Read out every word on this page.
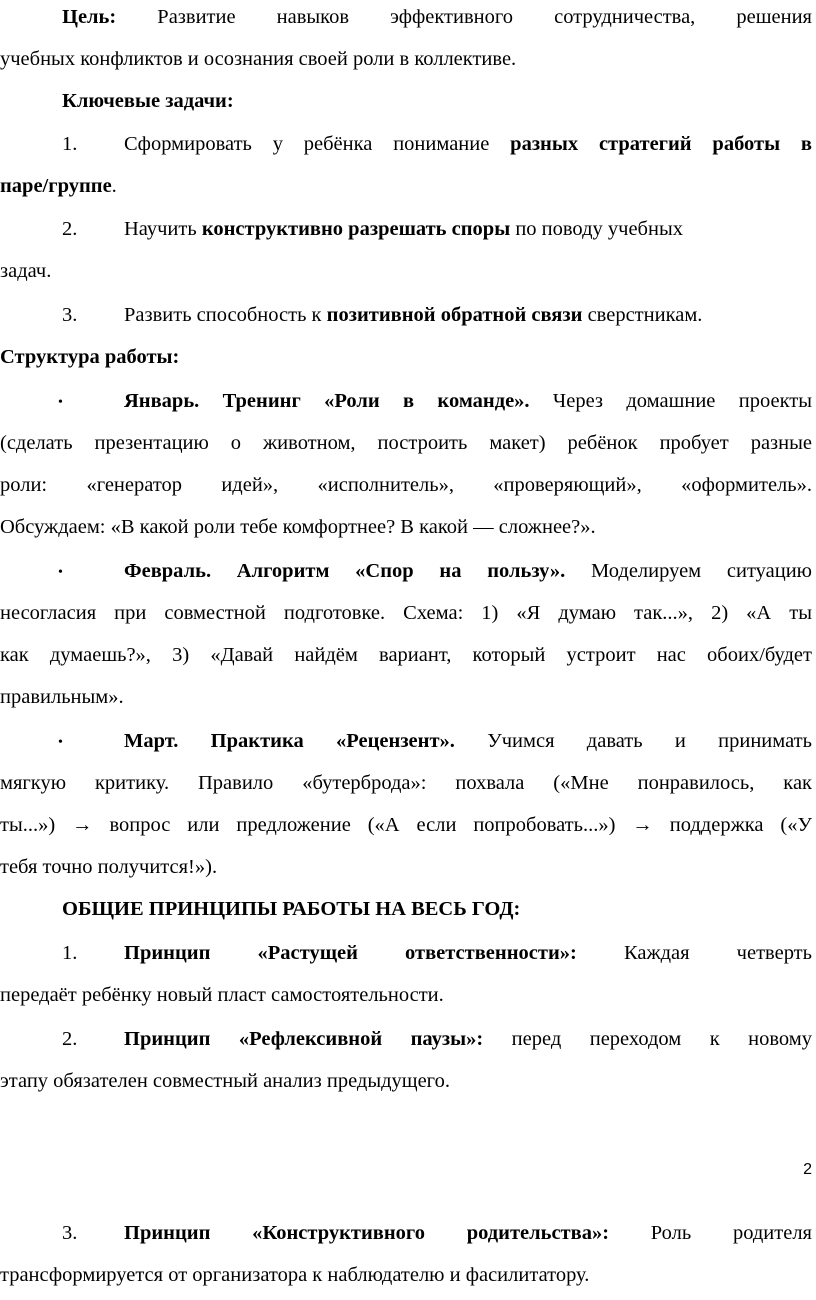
Цель: Развитие навыков эффективного сотрудничества, решения
учебных конфликтов и осознания своей роли в коллективе.
Ключевые задачи:
1.	Сформировать у ребёнка понимание разных стратегий работы в
паре/группе.
2.	Научить конструктивно разрешать споры по поводу учебных
задач.
3.	Развить способность к позитивной обратной связи сверстникам.
Структура работы:
•	Январь. Тренинг «Роли в команде». Через домашние проекты
(сделать презентацию о животном, построить макет) ребёнок пробует разные
роли: «генератор идей», «исполнитель», «проверяющий», «оформитель».
Обсуждаем: «В какой роли тебе комфортнее? В какой — сложнее?».
•	Февраль. Алгоритм «Спор на пользу». Моделируем ситуацию
несогласия при совместной подготовке. Схема: 1) «Я думаю так...», 2) «А ты
как думаешь?», 3) «Давай найдём вариант, который устроит нас обоих/будет
правильным».
•	Март. Практика «Рецензент». Учимся давать и принимать
мягкую критику. Правило «бутерброда»: похвала («Мне понравилось, как
ты...») → вопрос или предложение («А если попробовать...») → поддержка («У
тебя точно получится!»).
ОБЩИЕ ПРИНЦИПЫ РАБОТЫ НА ВЕСЬ ГОД:
1.	Принцип «Растущей ответственности»: Каждая четверть
передаёт ребёнку новый пласт самостоятельности.
2.	Принцип «Рефлексивной паузы»: перед переходом к новому
этапу обязателен совместный анализ предыдущего.
2
3.	Принцип «Конструктивного родительства»: Роль родителя
трансформируется от организатора к наблюдателю и фасилитатору.
